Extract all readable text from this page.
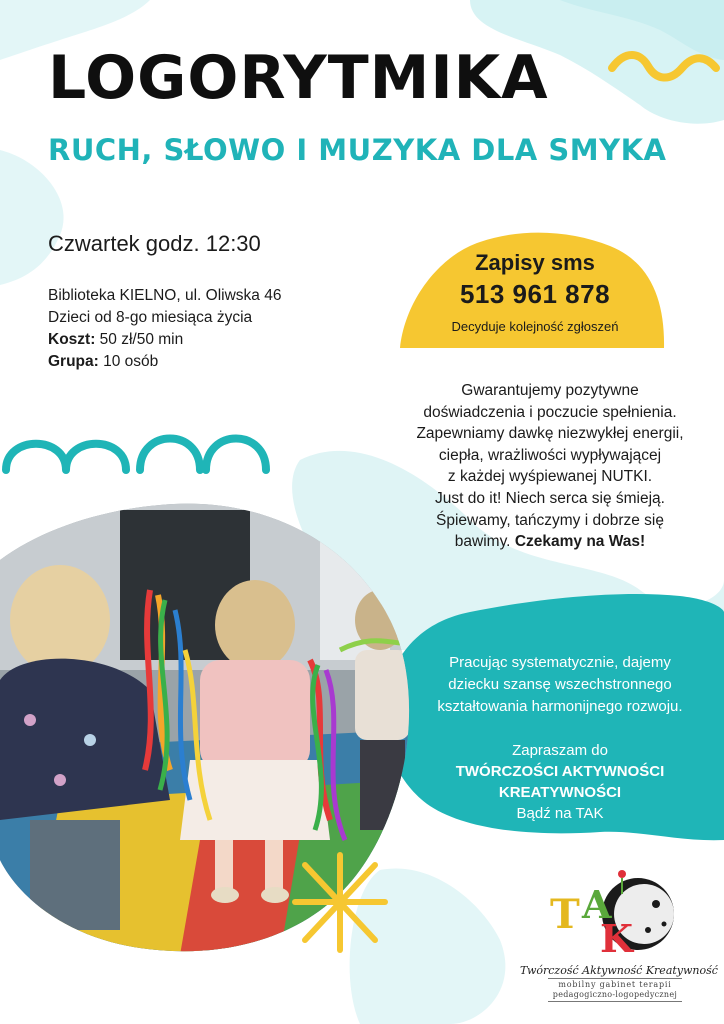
LOGORYTMIKA
RUCH, SŁOWO I MUZYKA DLA SMYKA
Czwartek godz. 12:30
Biblioteka KIELNO, ul. Oliwska 46
Dzieci od 8-go miesiąca życia
Koszt: 50 zł/50 min
Grupa: 10 osób
Zapisy sms
513 961 878
Decyduje kolejność zgłoszeń
Gwarantujemy pozytywne
doświadczenia i poczucie spełnienia.
Zapewniamy dawkę niezwykłej energii,
ciepła, wrażliwości wypływającej
z każdej wyśpiewanej NUTKI.
Just do it! Niech serca się śmieją.
Śpiewamy, tańczymy i dobrze się
bawimy. Czekamy na Was!
Pracując systematycznie, dajemy
dziecku szansę wszechstronnego
kształtowania harmonijnego rozwoju.
Zapraszam do
TWÓRCZOŚCI AKTYWNOŚCI
KREATYWNOŚCI
Bądź na TAK
T A
K
Twórczość Aktywność Kreatywność
mobilny gabinet terapii
pedagogiczno-logopedycznej
